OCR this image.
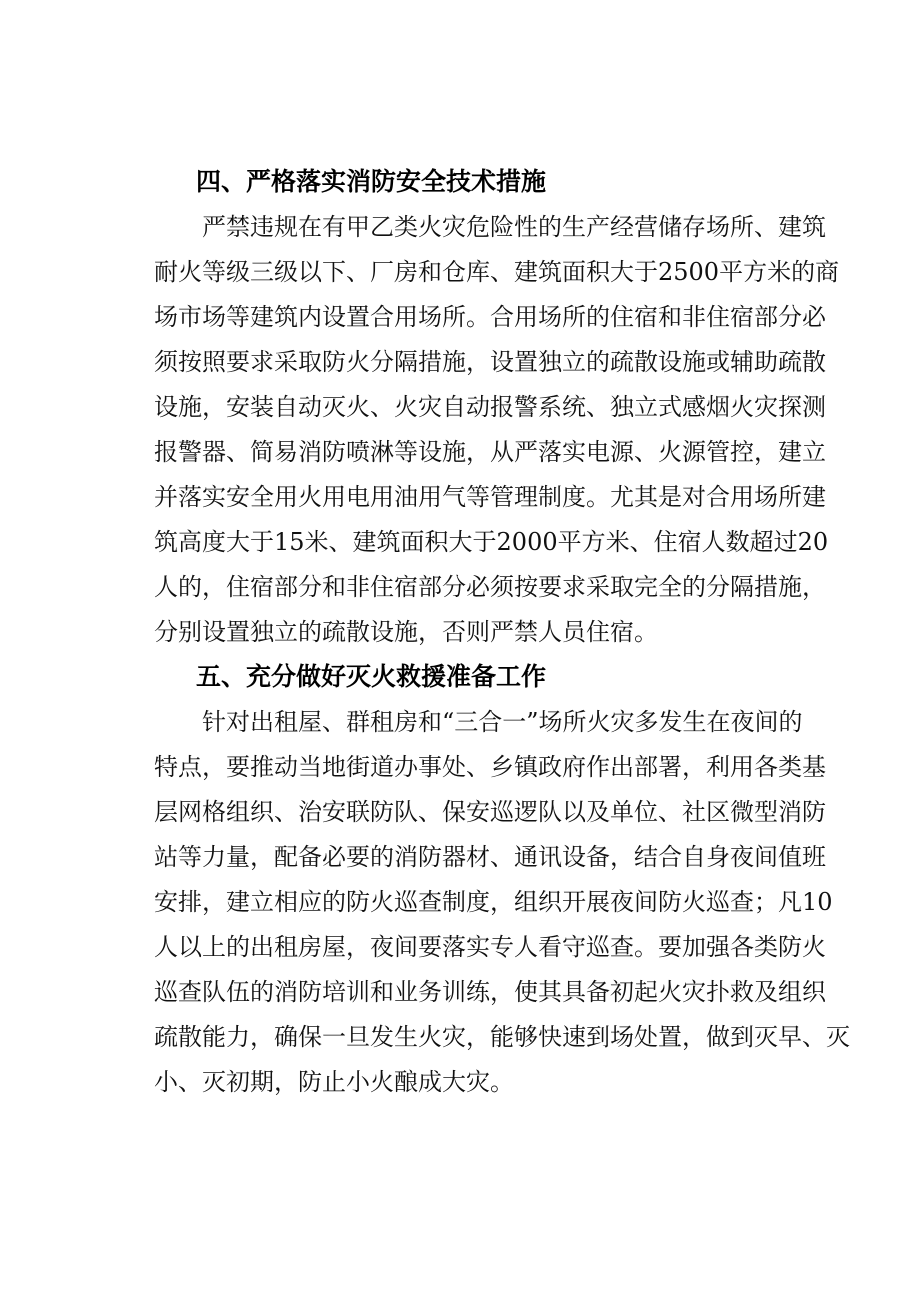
四、严格落实消防安全技术措施
严禁违规在有甲乙类火灾危险性的生产经营储存场所、建筑
耐火等级三级以下、厂房和仓库、建筑面积大于2500平方米的商
场市场等建筑内设置合用场所。合用场所的住宿和非住宿部分必
须按照要求采取防火分隔措施，设置独立的疏散设施或辅助疏散
设施，安装自动灭火、火灾自动报警系统、独立式感烟火灾探测
报警器、简易消防喷淋等设施，从严落实电源、火源管控，建立
并落实安全用火用电用油用气等管理制度。尤其是对合用场所建
筑高度大于15米、建筑面积大于2000平方米、住宿人数超过20
人的，住宿部分和非住宿部分必须按要求采取完全的分隔措施，
分别设置独立的疏散设施，否则严禁人员住宿。
五、充分做好灭火救援准备工作
针对出租屋、群租房和“三合一”场所火灾多发生在夜间的
特点，要推动当地街道办事处、乡镇政府作出部署，利用各类基
层网格组织、治安联防队、保安巡逻队以及单位、社区微型消防
站等力量，配备必要的消防器材、通讯设备，结合自身夜间值班
安排，建立相应的防火巡查制度，组织开展夜间防火巡查；凡10
人以上的出租房屋，夜间要落实专人看守巡查。要加强各类防火
巡查队伍的消防培训和业务训练，使其具备初起火灾扑救及组织
疏散能力，确保一旦发生火灾，能够快速到场处置，做到灭早、灭
小、灭初期，防止小火酿成大灾。
